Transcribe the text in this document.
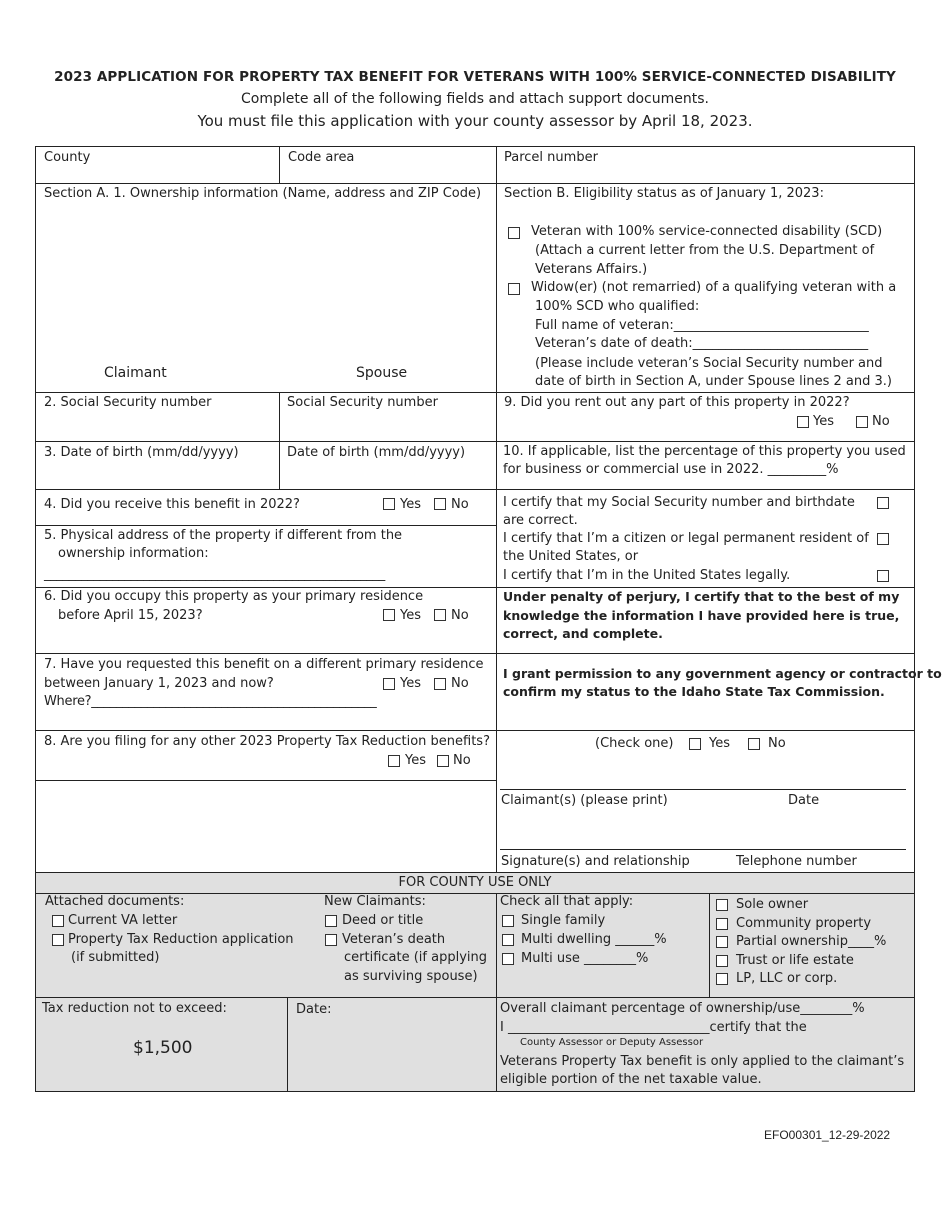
2023 APPLICATION FOR PROPERTY TAX BENEFIT FOR VETERANS WITH 100% SERVICE-CONNECTED DISABILITY
Complete all of the following fields and attach support documents.
You must file this application with your county assessor by April 18, 2023.
County	Code area	Parcel number
Section A. 1. Ownership information (Name, address and ZIP Code)
Claimant	Spouse
Section B. Eligibility status as of January 1, 2023:
Veteran with 100% service-connected disability (SCD)
(Attach a current letter from the U.S. Department of
Veterans Affairs.)
Widow(er) (not remarried) of a qualifying veteran with a
100% SCD who qualified:
Full name of veteran:______________________________
Veteran’s date of death:___________________________
(Please include veteran’s Social Security number and
date of birth in Section A, under Spouse lines 2 and 3.)
2. Social Security number	Social Security number	9. Did you rent out any part of this property in 2022?
Yes	No
3. Date of birth (mm/dd/yyyy)	Date of birth (mm/dd/yyyy)	10. If applicable, list the percentage of this property you used
for business or commercial use in 2022. _________%
4. Did you receive this benefit in 2022?	Yes No	I certify that my Social Security number and birthdate
are correct.
I certify that I’m a citizen or legal permanent resident of
the United States, or
I certify that I’m in the United States legally.
5. Physical address of the property if different from the
ownership information:
_______________________________________________________
6. Did you occupy this property as your primary residence
before April 15, 2023?	Yes No
Under penalty of perjury, I certify that to the best of my
knowledge the information I have provided here is true,
correct, and complete.
7. Have you requested this benefit on a different primary residence
between January 1, 2023 and now?	Yes No
Where?______________________________________________
I grant permission to any government agency or contractor to
confirm my status to the Idaho State Tax Commission.
8. Are you filing for any other 2023 Property Tax Reduction benefits?
Yes No
(Check one)	Yes	No
Claimant(s) (please print)	Date
Signature(s) and relationship	Telephone number
FOR COUNTY USE ONLY
Attached documents:
Current VA letter
Property Tax Reduction application
(if submitted)
New Claimants:
Deed or title
Veteran’s death
certificate (if applying
as surviving spouse)
Check all that apply:
Single family
Multi dwelling ______%
Multi use ________%
Sole owner
Community property
Partial ownership____%
Trust or life estate
LP, LLC or corp.
Tax reduction not to exceed:
$1,500
Date:	Overall claimant percentage of ownership/use________%
I _______________________________certify that the
County Assessor or Deputy Assessor
Veterans Property Tax benefit is only applied to the claimant’s
eligible portion of the net taxable value.
EFO00301_12-29-2022
